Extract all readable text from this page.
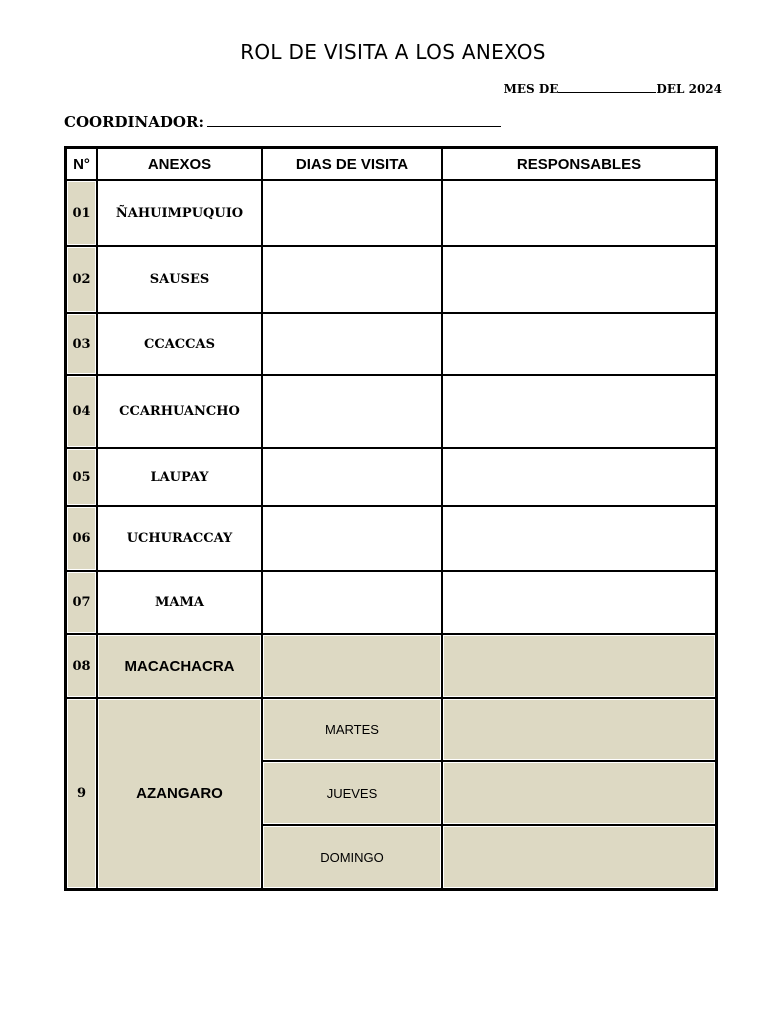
ROL DE VISITA A LOS ANEXOS
MES DE	DEL 2024
COORDINADOR:
N°	ANEXOS	DIAS DE VISITA	RESPONSABLES
01	ÑAHUIMPUQUIO		
02	SAUSES		
03	CCACCAS		
04	CCARHUANCHO		
05	LAUPAY		
06	UCHURACCAY		
07	MAMA		
08	MACACHACRA		
9	AZANGARO	MARTES	
		JUEVES	
		DOMINGO	
